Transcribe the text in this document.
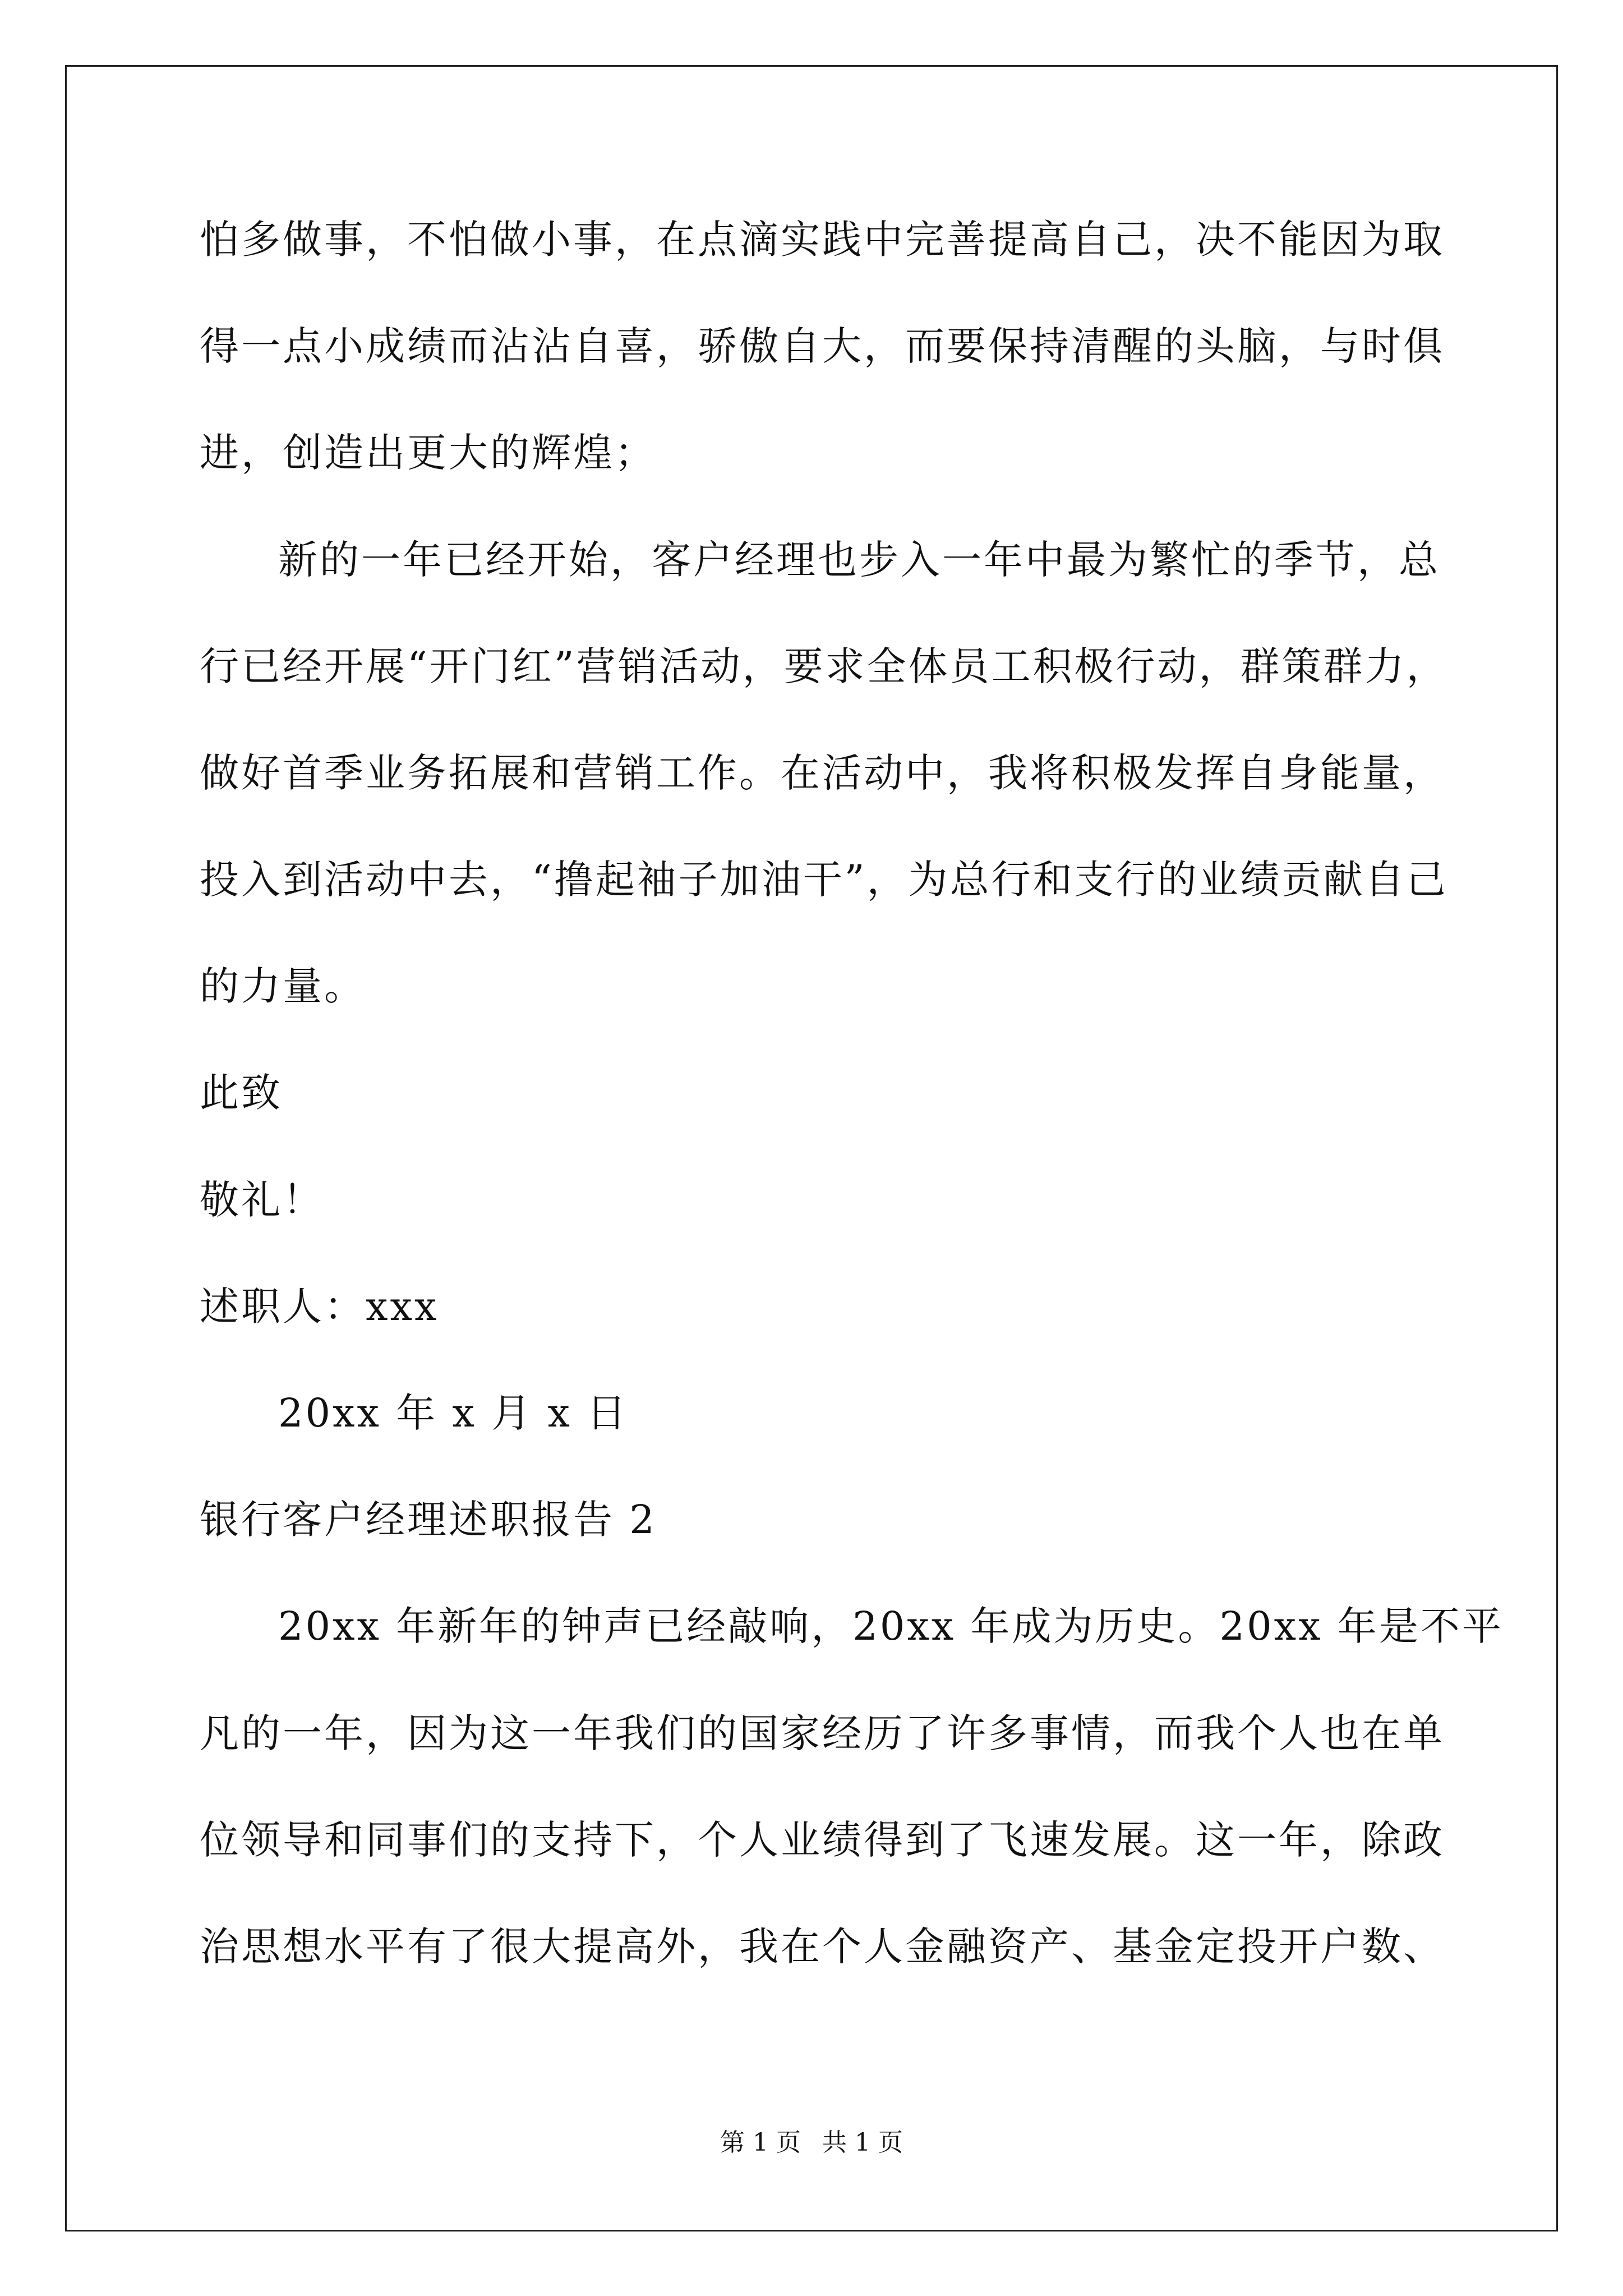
怕多做事，不怕做小事，在点滴实践中完善提高自己，决不能因为取
得一点小成绩而沾沾自喜，骄傲自大，而要保持清醒的头脑，与时俱
进，创造出更大的辉煌；
新的一年已经开始，客户经理也步入一年中最为繁忙的季节，总
行已经开展“开门红”营销活动，要求全体员工积极行动，群策群力，
做好首季业务拓展和营销工作。在活动中，我将积极发挥自身能量，
投入到活动中去，“撸起袖子加油干”，为总行和支行的业绩贡献自己
的力量。
此致
敬礼！
述职人：xxx
20xx 年 x 月 x 日
银行客户经理述职报告 2
20xx 年新年的钟声已经敲响，20xx 年成为历史。20xx 年是不平
凡的一年，因为这一年我们的国家经历了许多事情，而我个人也在单
位领导和同事们的支持下，个人业绩得到了飞速发展。这一年，除政
治思想水平有了很大提高外，我在个人金融资产、基金定投开户数、
第 1 页 共 1 页
